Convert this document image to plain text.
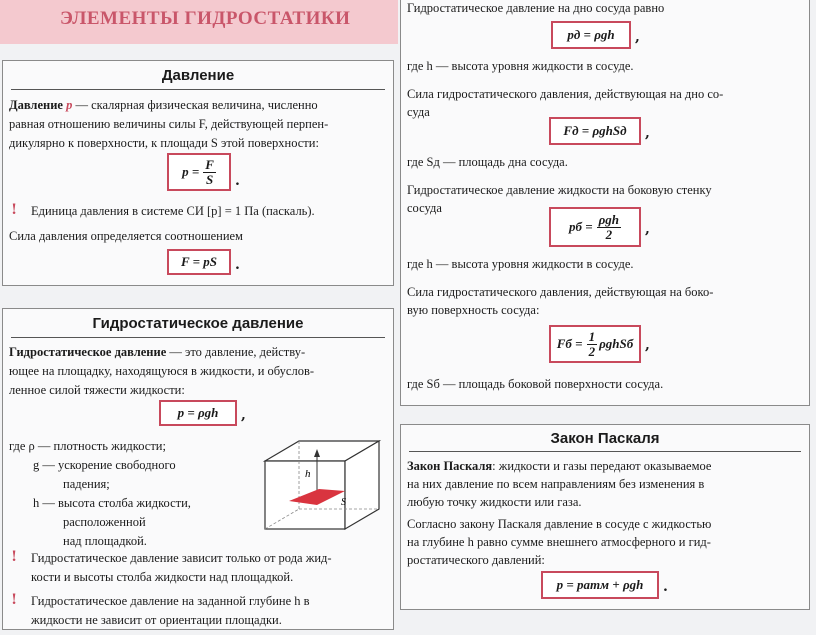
ЭЛЕМЕНТЫ ГИДРОСТАТИКИ
Давление
Давление p — скалярная физическая величина, численно
равная отношению величины силы F, действующей перпен-
дикулярно к поверхности, к площади S этой поверхности:
$p = \frac{F}{S}$ .
! Единица давления в системе СИ [p] = 1 Па (паскаль).
Сила давления определяется соотношением
F = pS .
Гидростатическое давление
Гидростатическое давление — это давление, действу-
ющее на площадку, находящуюся в жидкости, и обуслов-
ленное силой тяжести жидкости:
p = ρgh ,
где ρ — плотность жидкости;
g — ускорение свободного
падения;
h — высота столба жидкости,
расположенной
над площадкой.
h
S
! Гидростатическое давление зависит только от рода жид-
кости и высоты столба жидкости над площадкой.
! Гидростатическое давление на заданной глубине h в
жидкости не зависит от ориентации площадки.
Гидростатическое давление на дно сосуда равно
pд = ρgh ,
где h — высота уровня жидкости в сосуде.
Сила гидростатического давления, действующая на дно со-
суда
Fд = ρghSд ,
где Sд — площадь дна сосуда.
Гидростатическое давление жидкости на боковую стенку
сосуда
pб = $\frac{\text{ρgh}}{2}$ ,
где h — высота уровня жидкости в сосуде.
Сила гидростатического давления, действующая на боко-
вую поверхность сосуда:
Fб = $\frac{1}{2}$ ρghSб ,
где Sб — площадь боковой поверхности сосуда.
Закон Паскаля
Закон Паскаля: жидкости и газы передают оказываемое
на них давление по всем направлениям без изменения в
любую точку жидкости или газа.
Согласно закону Паскаля давление в сосуде с жидкостью
на глубине h равно сумме внешнего атмосферного и гид-
ростатического давлений:
p = pатм + ρgh .
